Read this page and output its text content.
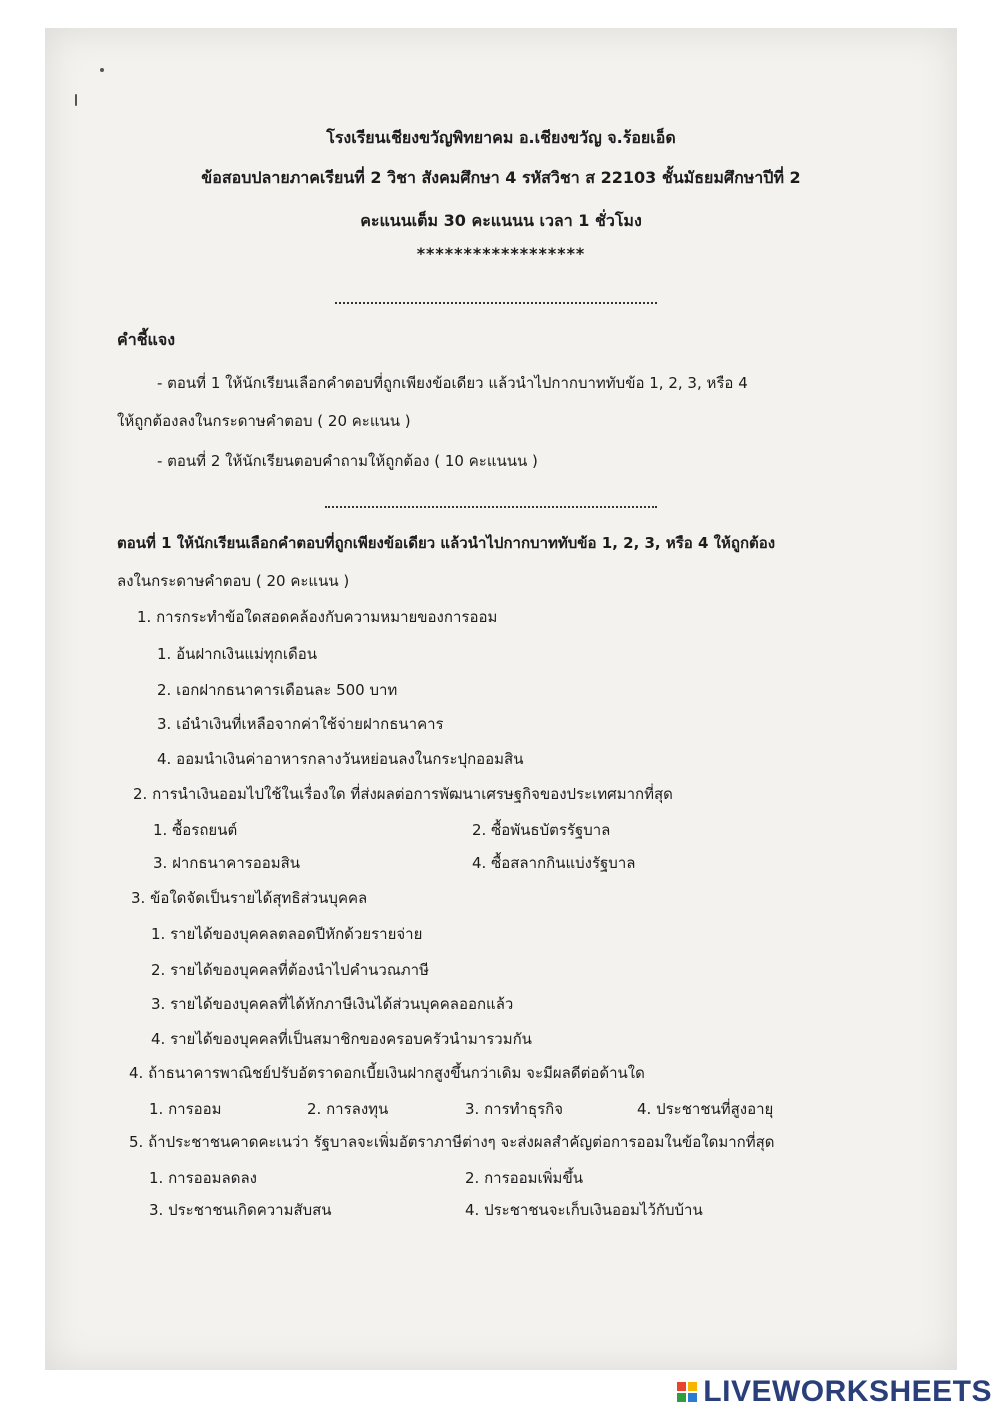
โรงเรียนเชียงขวัญพิทยาคม อ.เชียงขวัญ จ.ร้อยเอ็ด
ข้อสอบปลายภาคเรียนที่ 2 วิชา สังคมศึกษา 4 รหัสวิชา ส 22103 ชั้นมัธยมศึกษาปีที่ 2
คะแนนเต็ม 30 คะแนนน เวลา 1 ชั่วโมง
******************
คำชี้แจง
- ตอนที่ 1 ให้นักเรียนเลือกคำตอบที่ถูกเพียงข้อเดียว แล้วนำไปกากบาททับข้อ 1, 2, 3, หรือ 4
ให้ถูกต้องลงในกระดาษคำตอบ ( 20 คะแนน )
- ตอนที่ 2 ให้นักเรียนตอบคำถามให้ถูกต้อง ( 10 คะแนนน )
ตอนที่ 1 ให้นักเรียนเลือกคำตอบที่ถูกเพียงข้อเดียว แล้วนำไปกากบาททับข้อ 1, 2, 3, หรือ 4 ให้ถูกต้อง
ลงในกระดาษคำตอบ ( 20 คะแนน )
1. การกระทำข้อใดสอดคล้องกับความหมายของการออม
1. อ้นฝากเงินแม่ทุกเดือน
2. เอกฝากธนาคารเดือนละ 500 บาท
3. เอ๋นำเงินที่เหลือจากค่าใช้จ่ายฝากธนาคาร
4. ออมนำเงินค่าอาหารกลางวันหย่อนลงในกระปุกออมสิน
2. การนำเงินออมไปใช้ในเรื่องใด ที่ส่งผลต่อการพัฒนาเศรษฐกิจของประเทศมากที่สุด
1. ซื้อรถยนต์	2. ซื้อพันธบัตรรัฐบาล
3. ฝากธนาคารออมสิน	4. ซื้อสลากกินแบ่งรัฐบาล
3. ข้อใดจัดเป็นรายได้สุทธิส่วนบุคคล
1. รายได้ของบุคคลตลอดปีหักด้วยรายจ่าย
2. รายได้ของบุคคลที่ต้องนำไปคำนวณภาษี
3. รายได้ของบุคคลที่ได้หักภาษีเงินได้ส่วนบุคคลออกแล้ว
4. รายได้ของบุคคลที่เป็นสมาชิกของครอบครัวนำมารวมกัน
4. ถ้าธนาคารพาณิชย์ปรับอัตราดอกเบี้ยเงินฝากสูงขึ้นกว่าเดิม จะมีผลดีต่อด้านใด
1. การออม	2. การลงทุน	3. การทำธุรกิจ	4. ประชาชนที่สูงอายุ
5. ถ้าประชาชนคาดคะเนว่า รัฐบาลจะเพิ่มอัตราภาษีต่างๆ จะส่งผลสำคัญต่อการออมในข้อใดมากที่สุด
1. การออมลดลง	2. การออมเพิ่มขึ้น
3. ประชาชนเกิดความสับสน	4. ประชาชนจะเก็บเงินออมไว้กับบ้าน
LIVEWORKSHEETS
